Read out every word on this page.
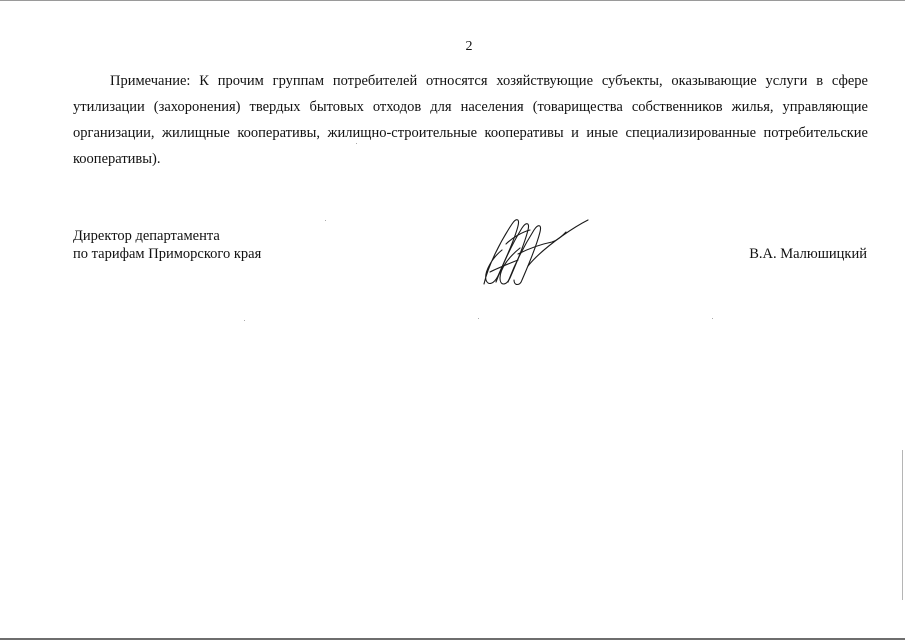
2

Примечание: К прочим группам потребителей относятся хозяйствующие субъекты, оказывающие услуги в сфере утилизации (захоронения) твердых бытовых отходов для населения (товарищества собственников жилья, управляющие организации, жилищные кооперативы, жилищно-строительные кооперативы и иные специализированные потребительские кооперативы).

Директор департамента
по тарифам Приморского края	В.А. Малюшицкий
